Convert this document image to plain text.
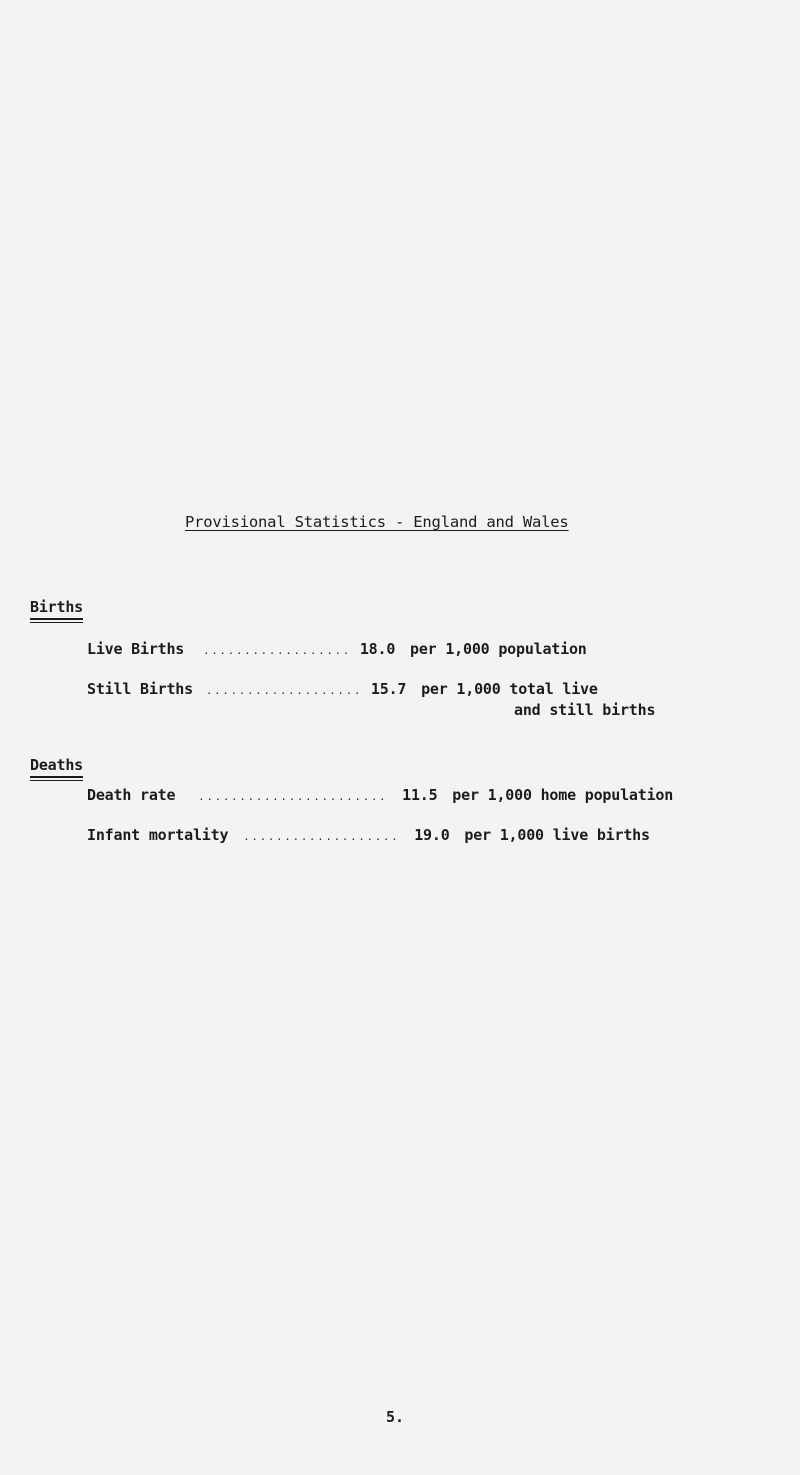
Provisional Statistics - England and Wales
Births
Live Births .................. 18.0 per 1,000 population
Still Births ................... 15.7 per 1,000 total live
and still births
Deaths
Death rate ....................... 11.5 per 1,000 home population
Infant mortality ................... 19.0 per 1,000 live births
5.
